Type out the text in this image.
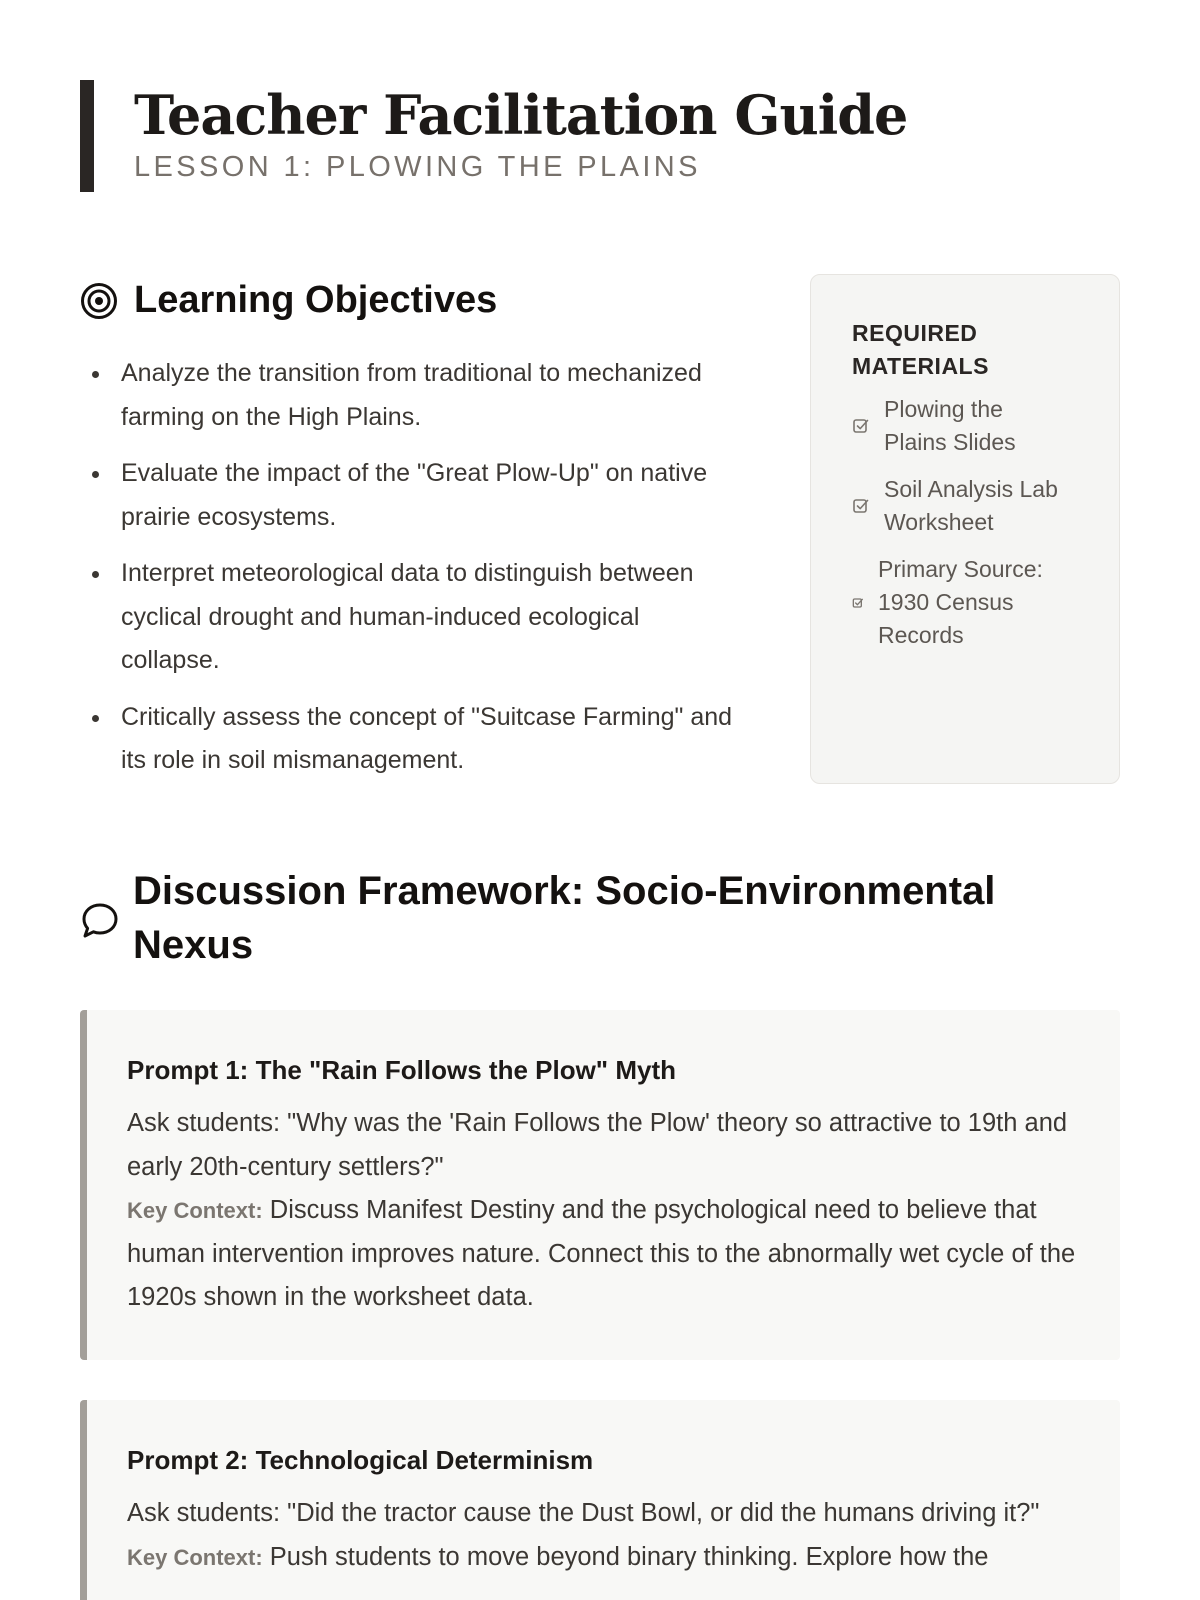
Teacher Facilitation Guide

LESSON 1: PLOWING THE PLAINS

Learning Objectives
Analyze the transition from traditional to mechanized farming on the High Plains.
Evaluate the impact of the "Great Plow-Up" on native prairie ecosystems.
Interpret meteorological data to distinguish between cyclical drought and human-induced ecological collapse.
Critically assess the concept of "Suitcase Farming" and its role in soil mismanagement.
REQUIRED MATERIALS
Plowing the Plains Slides
Soil Analysis Lab Worksheet
Primary Source: 1930 Census Records
Discussion Framework: Socio-Environmental Nexus
Prompt 1: The "Rain Follows the Plow" Myth

Ask students: "Why was the 'Rain Follows the Plow' theory so attractive to 19th and early 20th-century settlers?"
Key Context: Discuss Manifest Destiny and the psychological need to believe that human intervention improves nature. Connect this to the abnormally wet cycle of the 1920s shown in the worksheet data.

Prompt 2: Technological Determinism

Ask students: "Did the tractor cause the Dust Bowl, or did the humans driving it?"
Key Context: Push students to move beyond binary thinking. Explore how the
